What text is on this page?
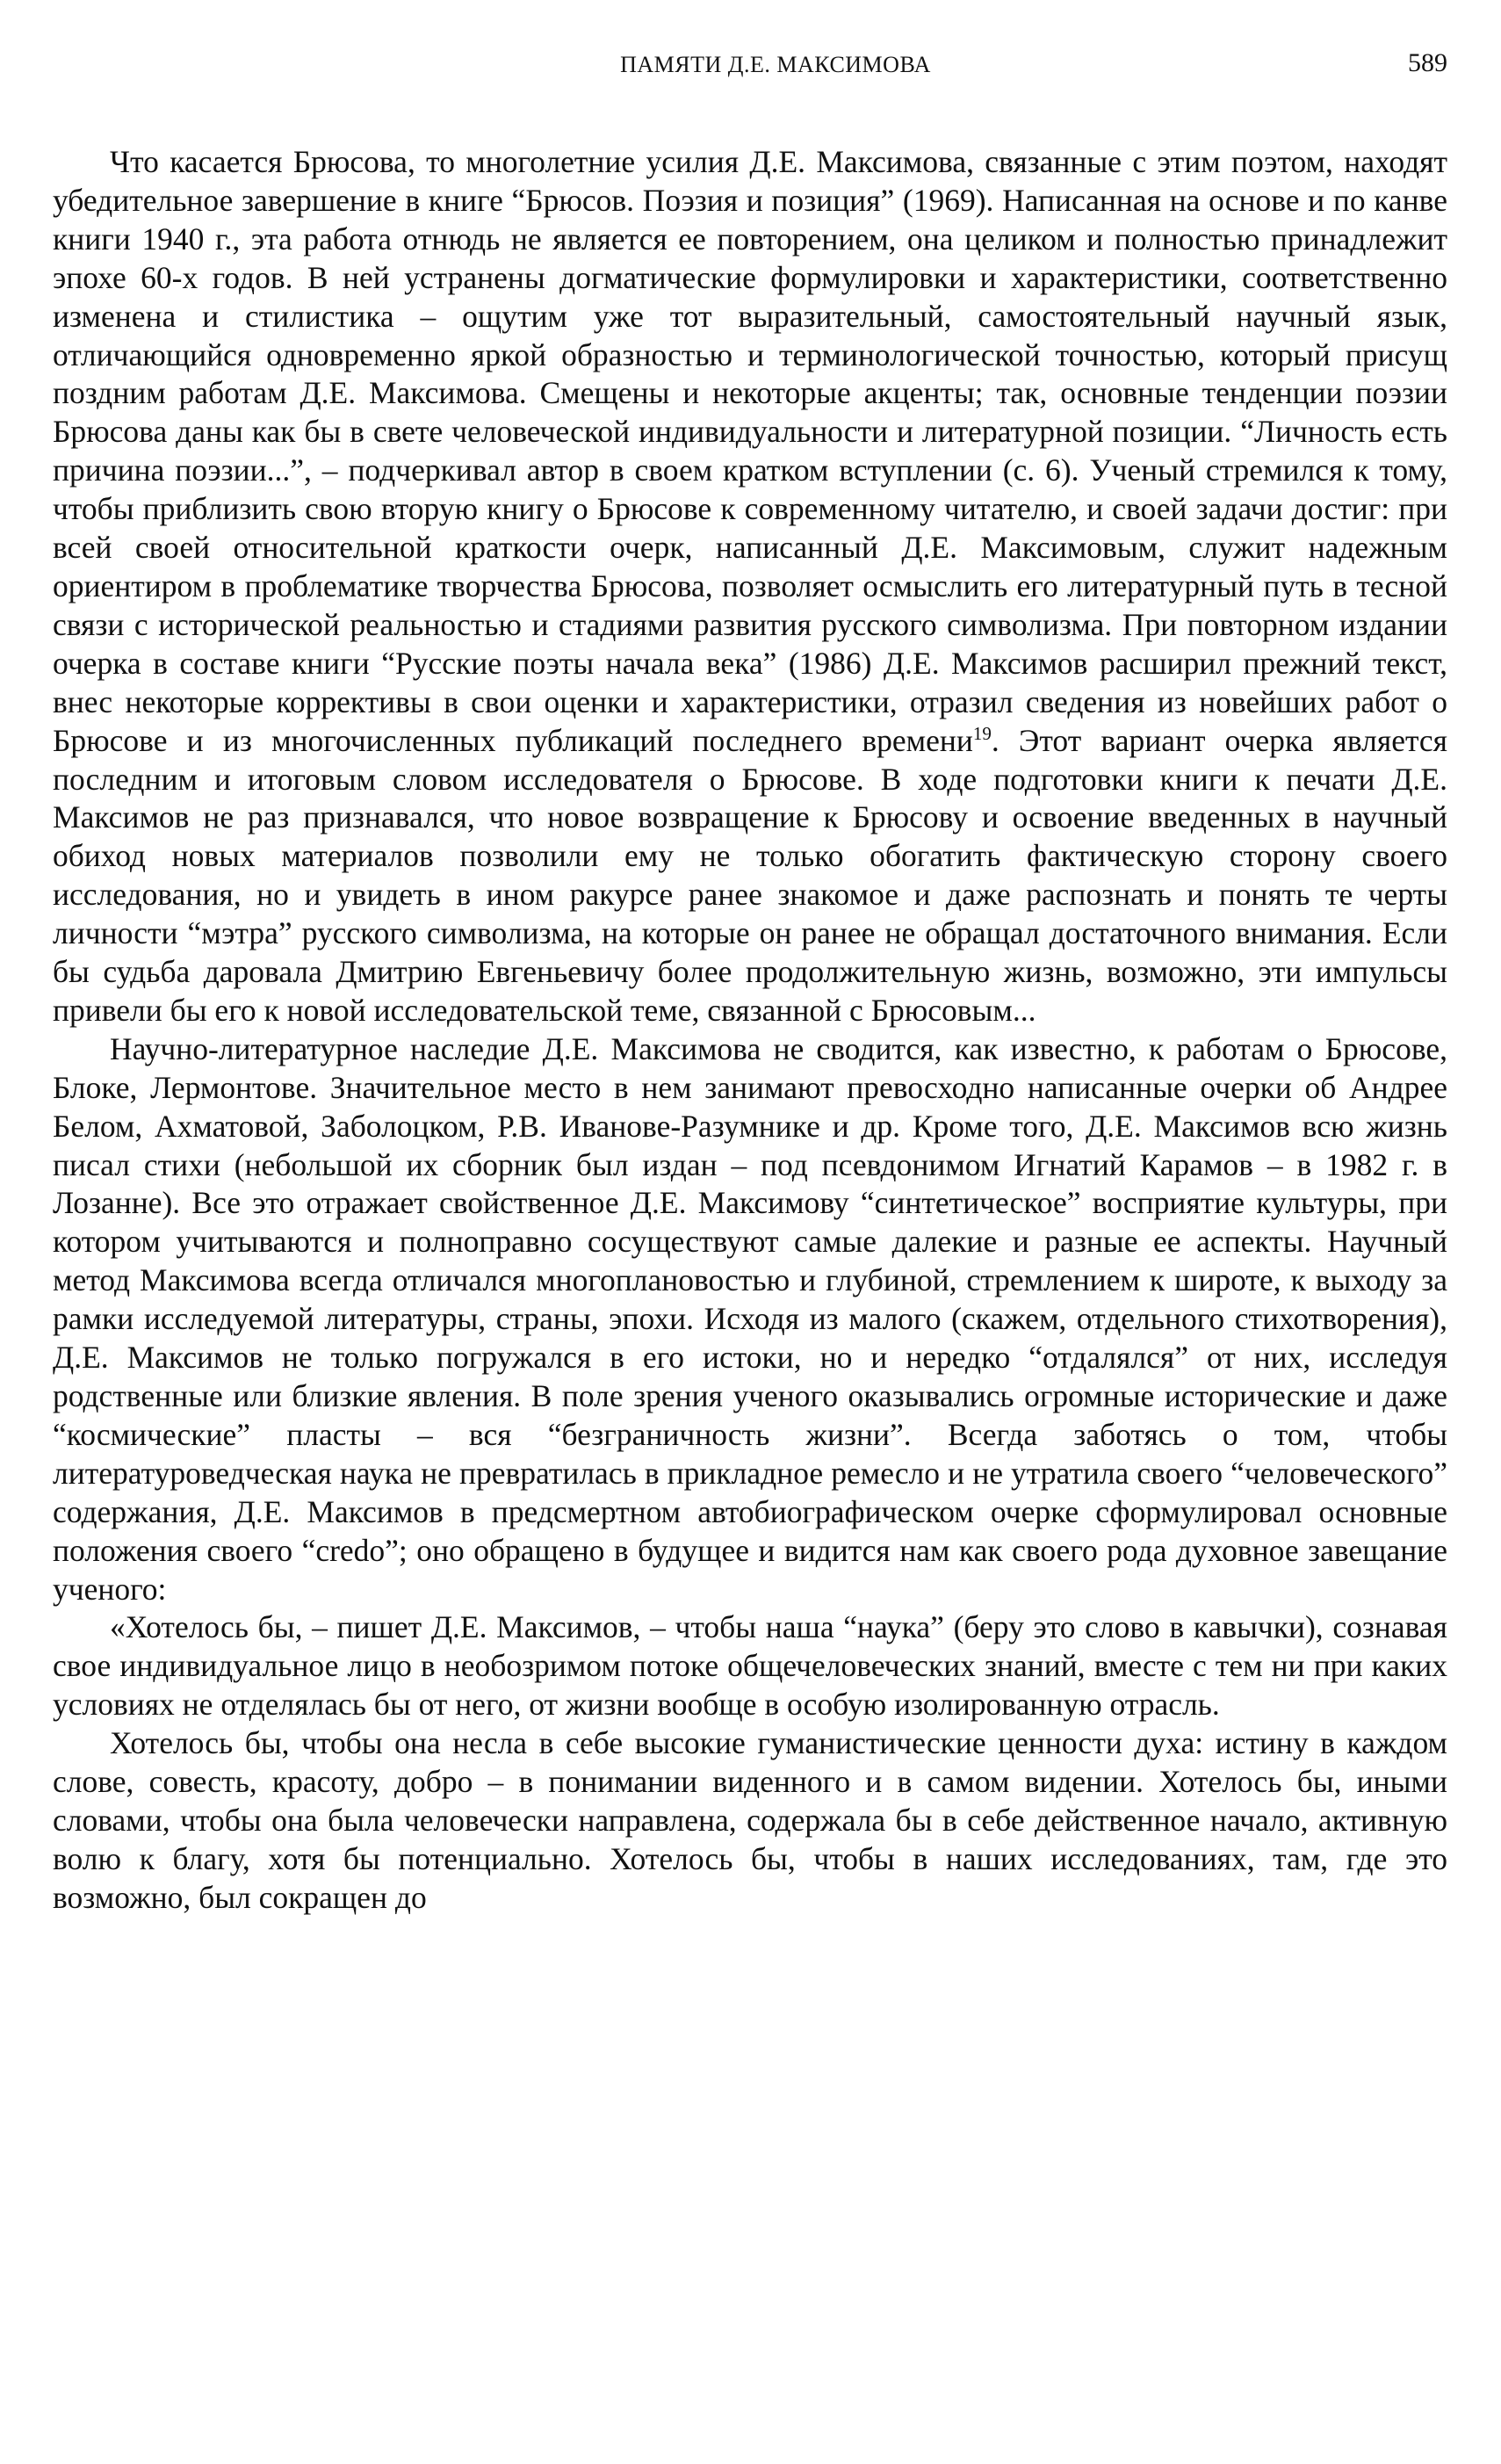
ПАМЯТИ Д.Е. МАКСИМОВА	589

Что касается Брюсова, то многолетние усилия Д.Е. Максимова, связанные с этим поэтом, находят убедительное завершение в книге “Брюсов. Поэзия и позиция” (1969). Написанная на основе и по канве книги 1940 г., эта работа отнюдь не является ее повторением, она целиком и полностью принадлежит эпохе 60-х годов. В ней устранены догматические формулировки и характеристики, соответственно изменена и стилистика – ощутим уже тот выразительный, самостоятельный научный язык, отличающийся одновременно яркой образностью и терминологической точностью, который присущ поздним работам Д.Е. Максимова. Смещены и некоторые акценты; так, основные тенденции поэзии Брюсова даны как бы в свете человеческой индивидуальности и литературной позиции. “Личность есть причина поэзии...”, – подчеркивал автор в своем кратком вступлении (с. 6). Ученый стремился к тому, чтобы приблизить свою вторую книгу о Брюсове к современному читателю, и своей задачи достиг: при всей своей относительной краткости очерк, написанный Д.Е. Максимовым, служит надежным ориентиром в проблематике творчества Брюсова, позволяет осмыслить его литературный путь в тесной связи с исторической реальностью и стадиями развития русского символизма. При повторном издании очерка в составе книги “Русские поэты начала века” (1986) Д.Е. Максимов расширил прежний текст, внес некоторые коррективы в свои оценки и характеристики, отразил сведения из новейших работ о Брюсове и из многочисленных публикаций последнего времени$^{19}$. Этот вариант очерка является последним и итоговым словом исследователя о Брюсове. В ходе подготовки книги к печати Д.Е. Максимов не раз признавался, что новое возвращение к Брюсову и освоение введенных в научный обиход новых материалов позволили ему не только обогатить фактическую сторону своего исследования, но и увидеть в ином ракурсе ранее знакомое и даже распознать и понять те черты личности “мэтра” русского символизма, на которые он ранее не обращал достаточного внимания. Если бы судьба даровала Дмитрию Евгеньевичу более продолжительную жизнь, возможно, эти импульсы привели бы его к новой исследовательской теме, связанной с Брюсовым...

Научно-литературное наследие Д.Е. Максимова не сводится, как известно, к работам о Брюсове, Блоке, Лермонтове. Значительное место в нем занимают превосходно написанные очерки об Андрее Белом, Ахматовой, Заболоцком, Р.В. Иванове-Разумнике и др. Кроме того, Д.Е. Максимов всю жизнь писал стихи (небольшой их сборник был издан – под псевдонимом Игнатий Карамов – в 1982 г. в Лозанне). Все это отражает свойственное Д.Е. Максимову “синтетическое” восприятие культуры, при котором учитываются и полноправно сосуществуют самые далекие и разные ее аспекты. Научный метод Максимова всегда отличался многоплановостью и глубиной, стремлением к широте, к выходу за рамки исследуемой литературы, страны, эпохи. Исходя из малого (скажем, отдельного стихотворения), Д.Е. Максимов не только погружался в его истоки, но и нередко “отдалялся” от них, исследуя родственные или близкие явления. В поле зрения ученого оказывались огромные исторические и даже “космические” пласты – вся “безграничность жизни”. Всегда заботясь о том, чтобы литературоведческая наука не превратилась в прикладное ремесло и не утратила своего “человеческого” содержания, Д.Е. Максимов в предсмертном автобиографическом очерке сформулировал основные положения своего “credo”; оно обращено в будущее и видится нам как своего рода духовное завещание ученого:

«Хотелось бы, – пишет Д.Е. Максимов, – чтобы наша “наука” (беру это слово в кавычки), сознавая свое индивидуальное лицо в необозримом потоке общечеловеческих знаний, вместе с тем ни при каких условиях не отделялась бы от него, от жизни вообще в особую изолированную отрасль.

Хотелось бы, чтобы она несла в себе высокие гуманистические ценности духа: истину в каждом слове, совесть, красоту, добро – в понимании виденного и в самом видении. Хотелось бы, иными словами, чтобы она была человечески направлена, содержала бы в себе действенное начало, активную волю к благу, хотя бы потенциально. Хотелось бы, чтобы в наших исследованиях, там, где это возможно, был сокращен до
